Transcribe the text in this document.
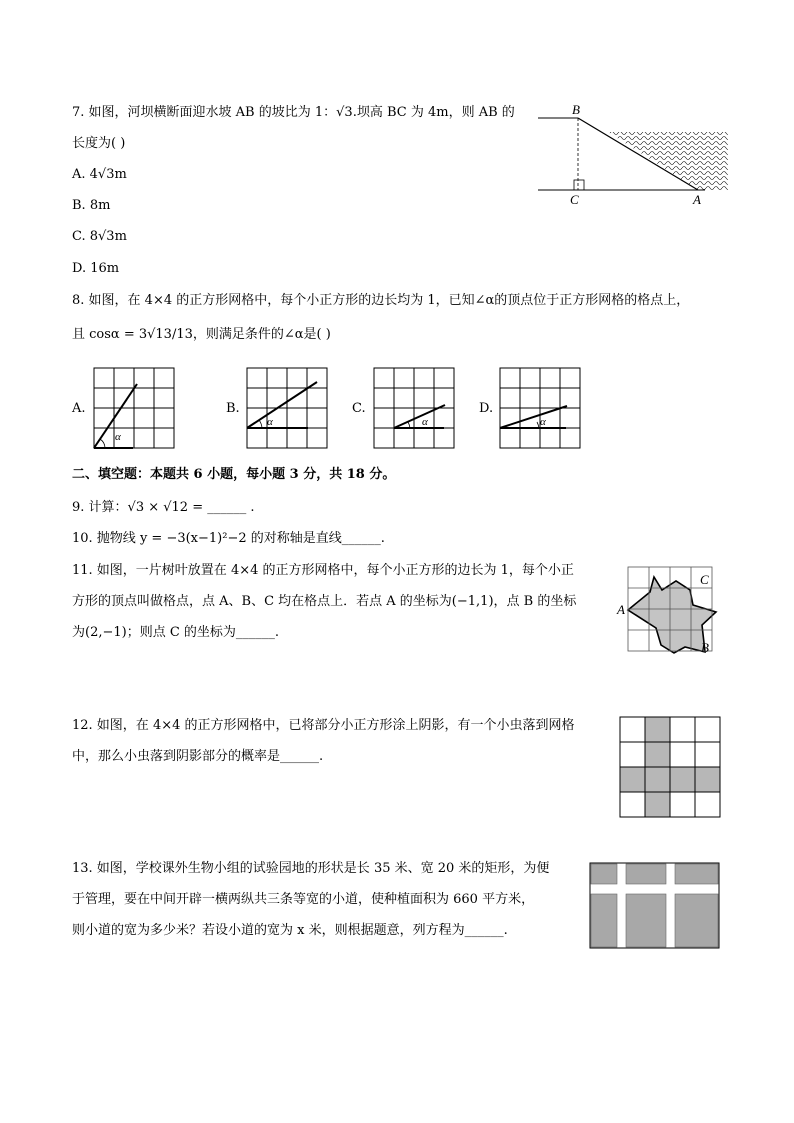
7. 如图，河坝横断面迎水坡 AB 的坡比为 1：√3.坝高 BC 为 4m，则 AB 的
长度为( )
A. 4√3m
B. 8m
C. 8√3m
D. 16m
B
C	A
8. 如图，在 4×4 的正方形网格中，每个小正方形的边长均为 1，已知∠α的顶点位于正方形网格的格点上，
且 cosα = 3√13/13，则满足条件的∠α是( )
A.
α
B.
α
C.
α
D.
α
二、填空题：本题共 6 小题，每小题 3 分，共 18 分。
9. 计算：√3 × √12 = ______ .
10. 抛物线 y = −3(x−1)²−2 的对称轴是直线______.
11. 如图，一片树叶放置在 4×4 的正方形网格中，每个小正方形的边长为 1，每个小正
方形的顶点叫做格点，点 A、B、C 均在格点上．若点 A 的坐标为(−1,1)，点 B 的坐标
为(2,−1)；则点 C 的坐标为______.
A
C
B
12. 如图，在 4×4 的正方形网格中，已将部分小正方形涂上阴影，有一个小虫落到网格
中，那么小虫落到阴影部分的概率是______.
13. 如图，学校课外生物小组的试验园地的形状是长 35 米、宽 20 米的矩形，为便
于管理，要在中间开辟一横两纵共三条等宽的小道，使种植面积为 660 平方米，
则小道的宽为多少米？若设小道的宽为 x 米，则根据题意，列方程为______.
